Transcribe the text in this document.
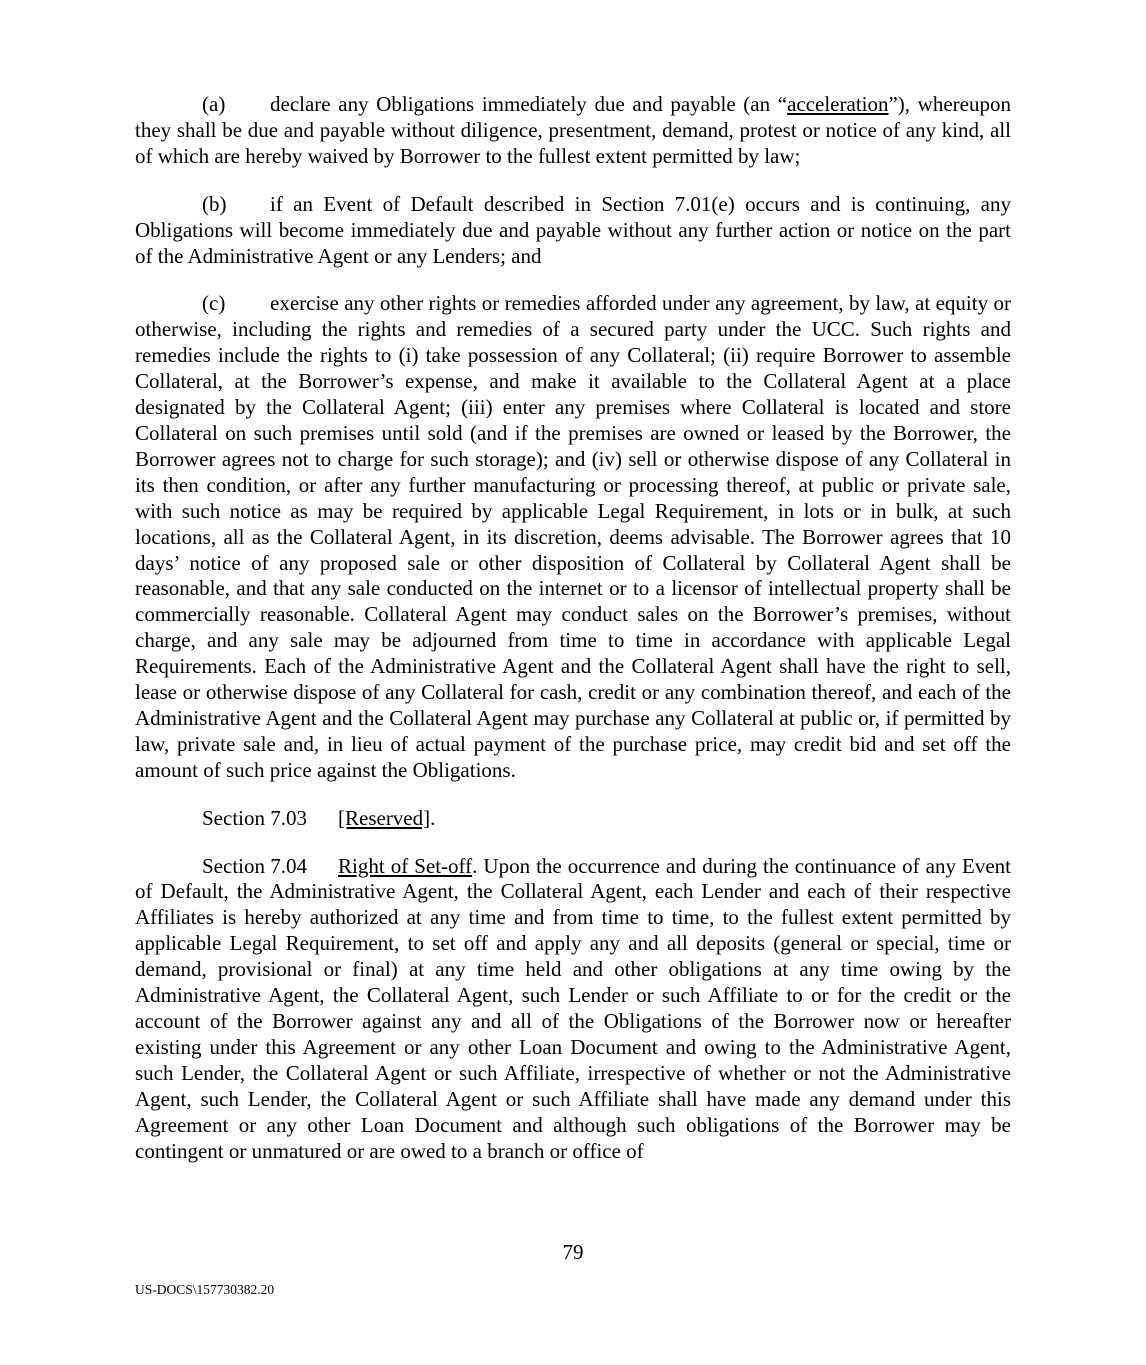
(a) declare any Obligations immediately due and payable (an “acceleration”), whereupon they shall be due and payable without diligence, presentment, demand, protest or notice of any kind, all of which are hereby waived by Borrower to the fullest extent permitted by law;

(b) if an Event of Default described in Section 7.01(e) occurs and is continuing, any Obligations will become immediately due and payable without any further action or notice on the part of the Administrative Agent or any Lenders; and

(c) exercise any other rights or remedies afforded under any agreement, by law, at equity or otherwise, including the rights and remedies of a secured party under the UCC. Such rights and remedies include the rights to (i) take possession of any Collateral; (ii) require Borrower to assemble Collateral, at the Borrower’s expense, and make it available to the Collateral Agent at a place designated by the Collateral Agent; (iii) enter any premises where Collateral is located and store Collateral on such premises until sold (and if the premises are owned or leased by the Borrower, the Borrower agrees not to charge for such storage); and (iv) sell or otherwise dispose of any Collateral in its then condition, or after any further manufacturing or processing thereof, at public or private sale, with such notice as may be required by applicable Legal Requirement, in lots or in bulk, at such locations, all as the Collateral Agent, in its discretion, deems advisable. The Borrower agrees that 10 days’ notice of any proposed sale or other disposition of Collateral by Collateral Agent shall be reasonable, and that any sale conducted on the internet or to a licensor of intellectual property shall be commercially reasonable. Collateral Agent may conduct sales on the Borrower’s premises, without charge, and any sale may be adjourned from time to time in accordance with applicable Legal Requirements. Each of the Administrative Agent and the Collateral Agent shall have the right to sell, lease or otherwise dispose of any Collateral for cash, credit or any combination thereof, and each of the Administrative Agent and the Collateral Agent may purchase any Collateral at public or, if permitted by law, private sale and, in lieu of actual payment of the purchase price, may credit bid and set off the amount of such price against the Obligations.

Section 7.03 [Reserved].

Section 7.04 Right of Set-off. Upon the occurrence and during the continuance of any Event of Default, the Administrative Agent, the Collateral Agent, each Lender and each of their respective Affiliates is hereby authorized at any time and from time to time, to the fullest extent permitted by applicable Legal Requirement, to set off and apply any and all deposits (general or special, time or demand, provisional or final) at any time held and other obligations at any time owing by the Administrative Agent, the Collateral Agent, such Lender or such Affiliate to or for the credit or the account of the Borrower against any and all of the Obligations of the Borrower now or hereafter existing under this Agreement or any other Loan Document and owing to the Administrative Agent, such Lender, the Collateral Agent or such Affiliate, irrespective of whether or not the Administrative Agent, such Lender, the Collateral Agent or such Affiliate shall have made any demand under this Agreement or any other Loan Document and although such obligations of the Borrower may be contingent or unmatured or are owed to a branch or office of

79
US-DOCS\157730382.20
